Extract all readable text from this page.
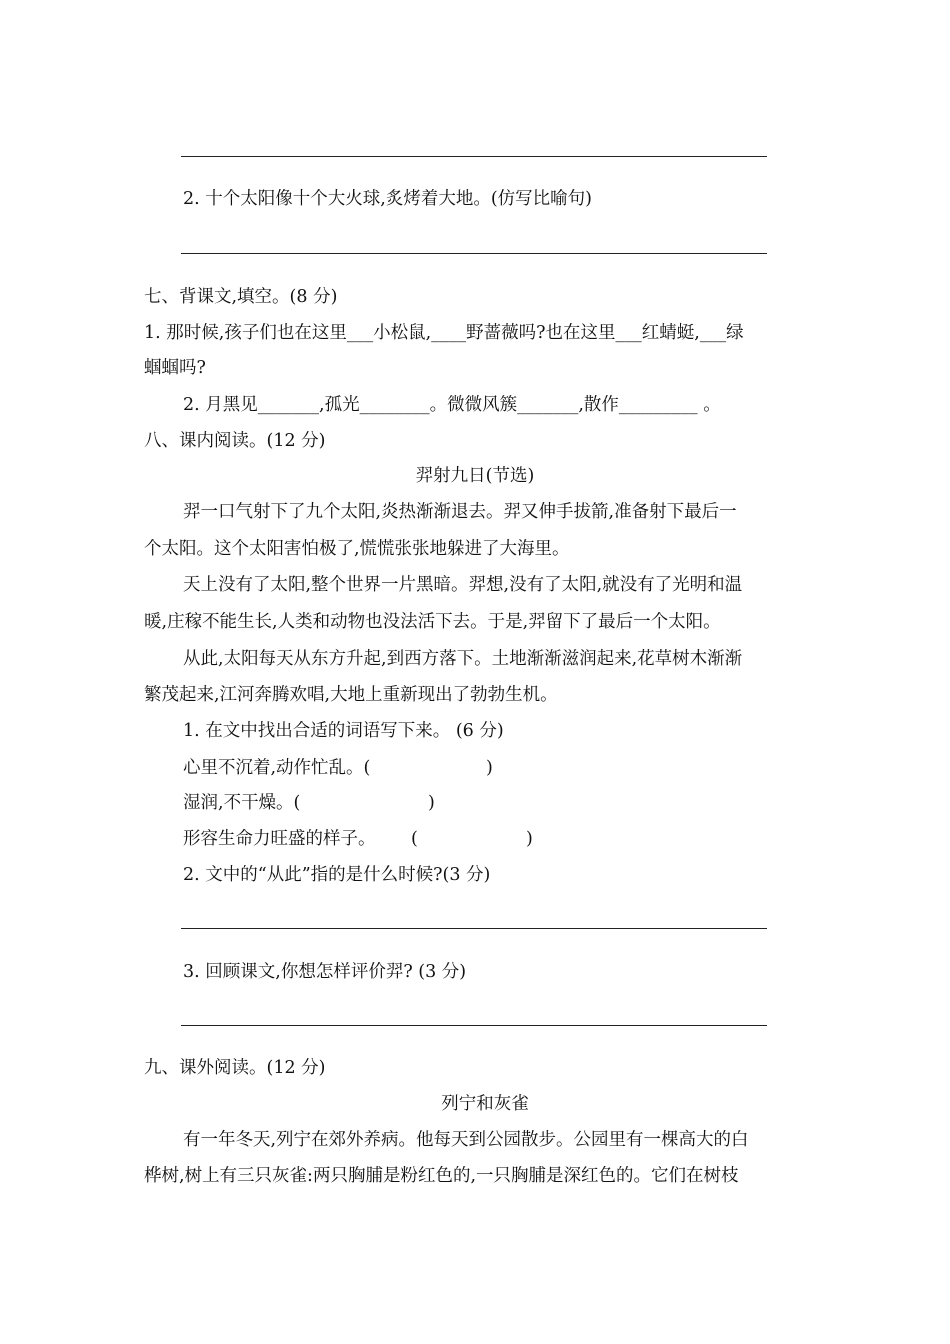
2. 十个太阳像十个大火球,炙烤着大地。(仿写比喻句)
七、背课文,填空。(8 分)
1. 那时候,孩子们也在这里___小松鼠,____野蔷薇吗?也在这里___红蜻蜓,___绿
蝈蝈吗?
2. 月黑见_______,孤光________。微微风簇_______,散作_________ 。
八、课内阅读。(12 分)
羿射九日(节选)
羿一口气射下了九个太阳,炎热渐渐退去。羿又伸手拔箭,准备射下最后一
个太阳。这个太阳害怕极了,慌慌张张地躲进了大海里。
天上没有了太阳,整个世界一片黑暗。羿想,没有了太阳,就没有了光明和温
暖,庄稼不能生长,人类和动物也没法活下去。于是,羿留下了最后一个太阳。
从此,太阳每天从东方升起,到西方落下。土地渐渐滋润起来,花草树木渐渐
繁茂起来,江河奔腾欢唱,大地上重新现出了勃勃生机。
1. 在文中找出合适的词语写下来。 (6 分)
心里不沉着,动作忙乱。(	)
湿润,不干燥。(	)
形容生命力旺盛的样子。 (	)
2. 文中的“从此”指的是什么时候?(3 分)
3. 回顾课文,你想怎样评价羿? (3 分)
九、课外阅读。(12 分)
列宁和灰雀
有一年冬天,列宁在郊外养病。他每天到公园散步。公园里有一棵高大的白
桦树,树上有三只灰雀:两只胸脯是粉红色的,一只胸脯是深红色的。它们在树枝
